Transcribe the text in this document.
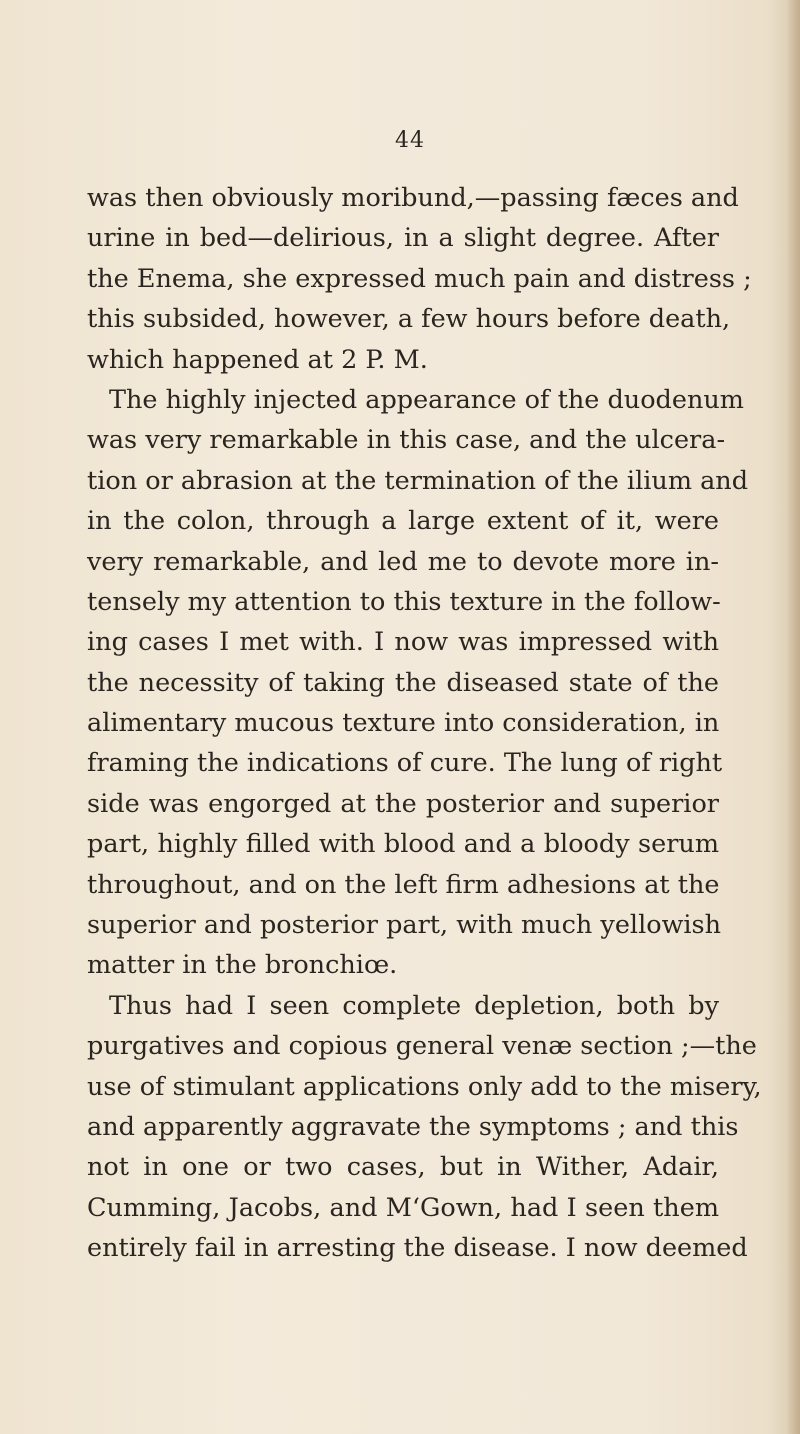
44
was then obviously moribund,—passing fæces and
urine in bed—delirious, in a slight degree. After
the Enema, she expressed much pain and distress ;
this subsided, however, a few hours before death,
which happened at 2 P. M.
The highly injected appearance of the duodenum
was very remarkable in this case, and the ulcera-
tion or abrasion at the termination of the ilium and
in the colon, through a large extent of it, were
very remarkable, and led me to devote more in-
tensely my attention to this texture in the follow-
ing cases I met with. I now was impressed with
the necessity of taking the diseased state of the
alimentary mucous texture into consideration, in
framing the indications of cure. The lung of right
side was engorged at the posterior and superior
part, highly filled with blood and a bloody serum
throughout, and on the left firm adhesions at the
superior and posterior part, with much yellowish
matter in the bronchiœ.
Thus had I seen complete depletion, both by
purgatives and copious general venæ section ;—the
use of stimulant applications only add to the misery,
and apparently aggravate the symptoms ; and this
not in one or two cases, but in Wither, Adair,
Cumming, Jacobs, and M‘Gown, had I seen them
entirely fail in arresting the disease. I now deemed
